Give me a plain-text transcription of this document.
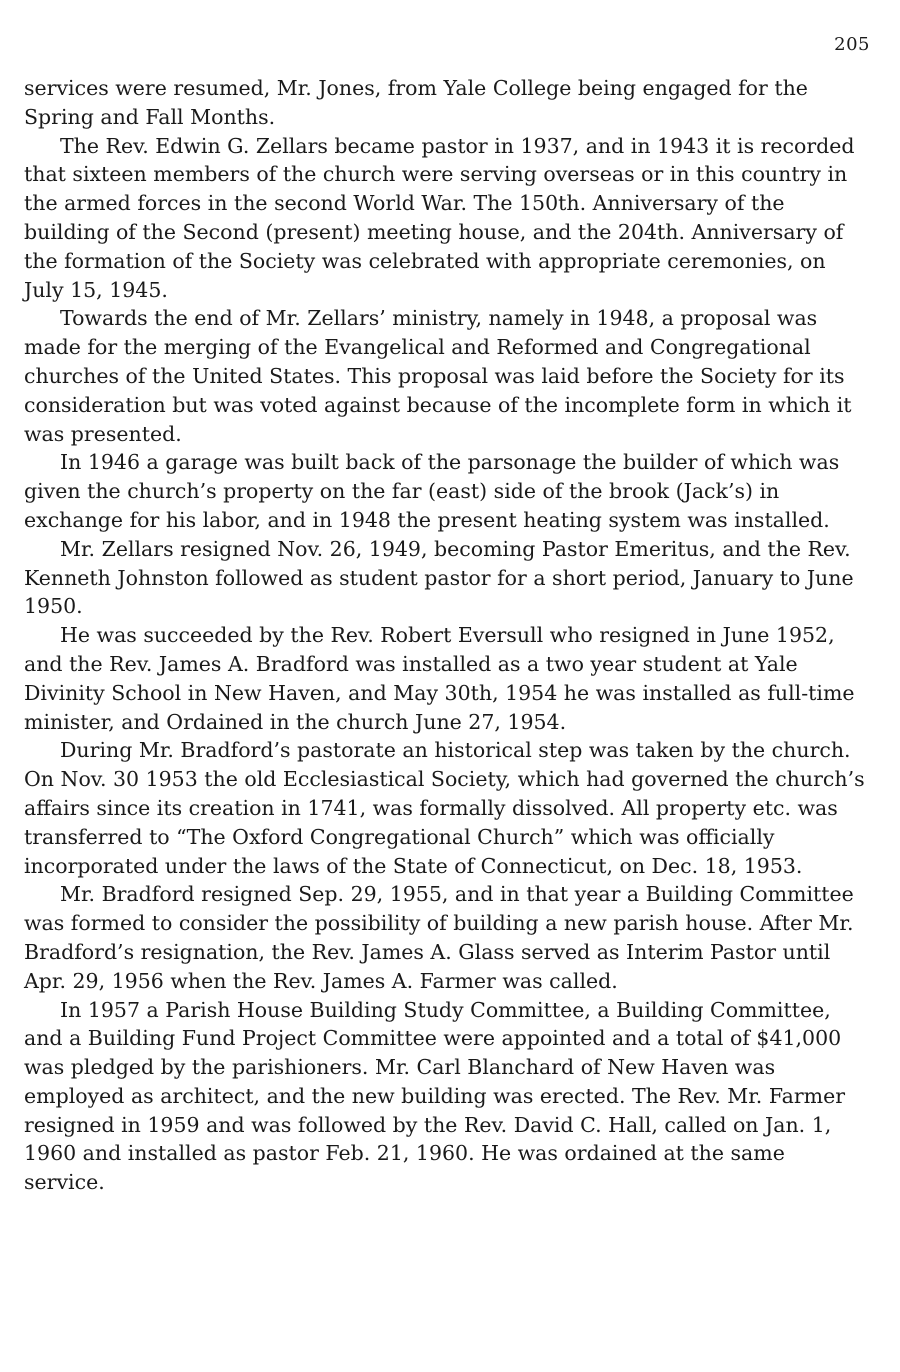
205

services were resumed, Mr. Jones, from Yale College being engaged for the Spring and Fall Months.

The Rev. Edwin G. Zellars became pastor in 1937, and in 1943 it is recorded that sixteen members of the church were serving overseas or in this country in the armed forces in the second World War. The 150th. Anniversary of the building of the Second (present) meeting house, and the 204th. Anniversary of the formation of the Society was celebrated with appropriate ceremonies, on July 15, 1945.

Towards the end of Mr. Zellars’ ministry, namely in 1948, a proposal was made for the merging of the Evangelical and Reformed and Congregational churches of the United States. This proposal was laid before the Society for its consideration but was voted against because of the incomplete form in which it was presented.

In 1946 a garage was built back of the parsonage the builder of which was given the church’s property on the far (east) side of the brook (Jack’s) in exchange for his labor, and in 1948 the present heating system was installed.

Mr. Zellars resigned Nov. 26, 1949, becoming Pastor Emeritus, and the Rev. Kenneth Johnston followed as student pastor for a short period, January to June 1950.

He was succeeded by the Rev. Robert Eversull who resigned in June 1952, and the Rev. James A. Bradford was installed as a two year student at Yale Divinity School in New Haven, and May 30th, 1954 he was installed as full-time minister, and Ordained in the church June 27, 1954.

During Mr. Bradford’s pastorate an historical step was taken by the church. On Nov. 30 1953 the old Ecclesiastical Society, which had governed the church’s affairs since its creation in 1741, was formally dissolved. All property etc. was transferred to “The Oxford Congregational Church” which was officially incorporated under the laws of the State of Connecticut, on Dec. 18, 1953.

Mr. Bradford resigned Sep. 29, 1955, and in that year a Building Committee was formed to consider the possibility of building a new parish house. After Mr. Bradford’s resignation, the Rev. James A. Glass served as Interim Pastor until Apr. 29, 1956 when the Rev. James A. Farmer was called.

In 1957 a Parish House Building Study Committee, a Building Committee, and a Building Fund Project Committee were appointed and a total of $41,000 was pledged by the parishioners. Mr. Carl Blanchard of New Haven was employed as architect, and the new building was erected. The Rev. Mr. Farmer resigned in 1959 and was followed by the Rev. David C. Hall, called on Jan. 1, 1960 and installed as pastor Feb. 21, 1960. He was ordained at the same service.
